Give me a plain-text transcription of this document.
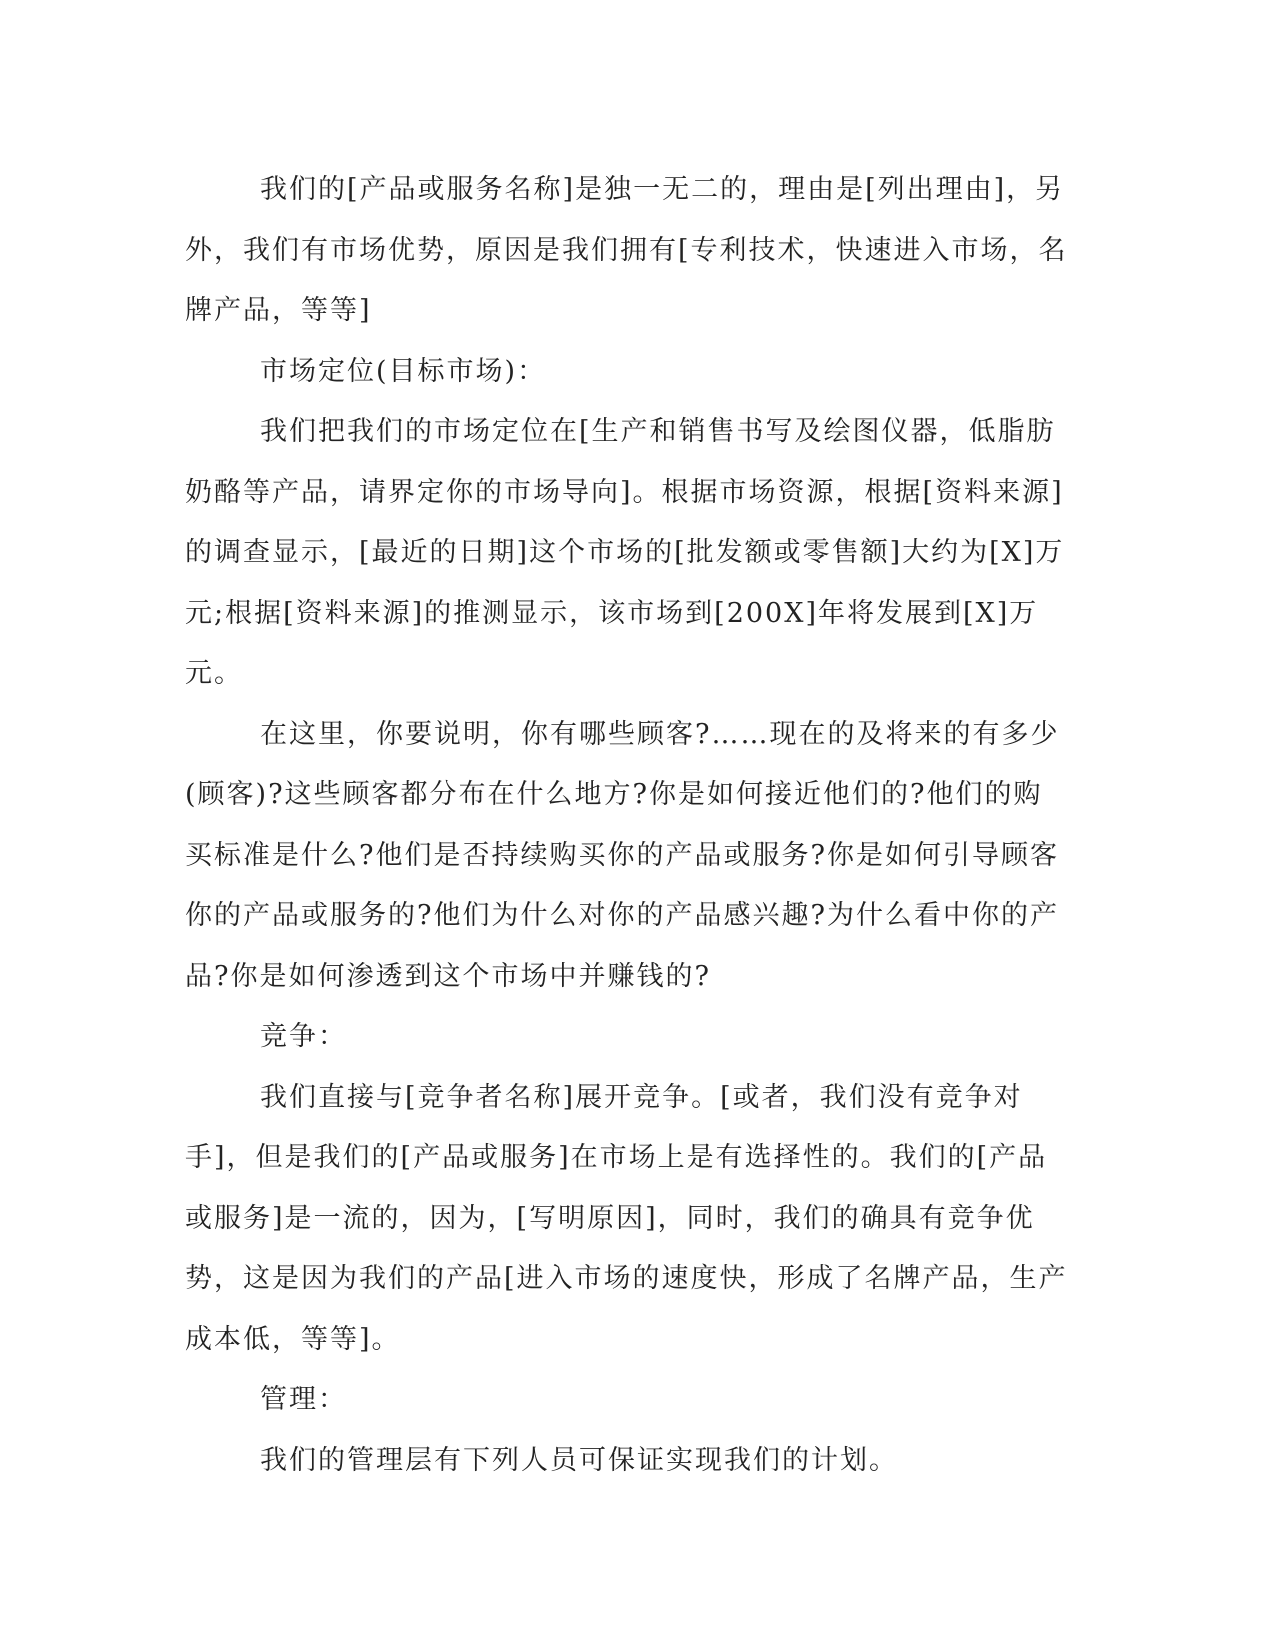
我们的[产品或服务名称]是独一无二的，理由是[列出理由]，另外，我们有市场优势，原因是我们拥有[专利技术，快速进入市场，名牌产品，等等]

市场定位(目标市场)：

我们把我们的市场定位在[生产和销售书写及绘图仪器，低脂肪奶酪等产品，请界定你的市场导向]。根据市场资源，根据[资料来源]的调查显示，[最近的日期]这个市场的[批发额或零售额]大约为[X]万元;根据[资料来源]的推测显示，该市场到[200X]年将发展到[X]万元。

在这里，你要说明，你有哪些顾客?……现在的及将来的有多少(顾客)?这些顾客都分布在什么地方?你是如何接近他们的?他们的购买标准是什么?他们是否持续购买你的产品或服务?你是如何引导顾客你的产品或服务的?他们为什么对你的产品感兴趣?为什么看中你的产品?你是如何渗透到这个市场中并赚钱的?

竞争：

我们直接与[竞争者名称]展开竞争。[或者，我们没有竞争对手]，但是我们的[产品或服务]在市场上是有选择性的。我们的[产品或服务]是一流的，因为，[写明原因]，同时，我们的确具有竞争优势，这是因为我们的产品[进入市场的速度快，形成了名牌产品，生产成本低，等等]。

管理：

我们的管理层有下列人员可保证实现我们的计划。
